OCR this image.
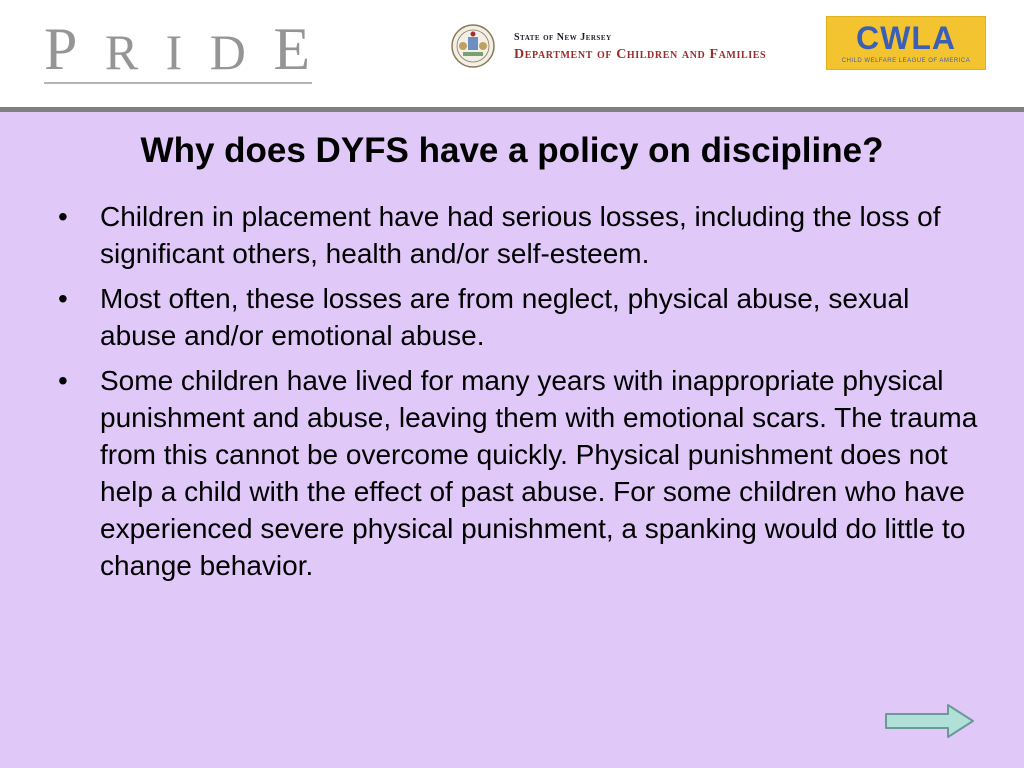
P R I D E	State of New Jersey
Department of Children and Families	CWLA
CHILD WELFARE LEAGUE OF AMERICA
Why does DYFS have a policy on discipline?
•	Children in placement have had serious losses, including the loss of significant others, health and/or self-esteem.
•	Most often, these losses are from neglect, physical abuse, sexual abuse and/or emotional abuse.
•	Some children have lived for many years with inappropriate physical punishment and abuse, leaving them with emotional scars. The trauma from this cannot be overcome quickly. Physical punishment does not help a child with the effect of past abuse. For some children who have experienced severe physical punishment, a spanking would do little to change behavior.
